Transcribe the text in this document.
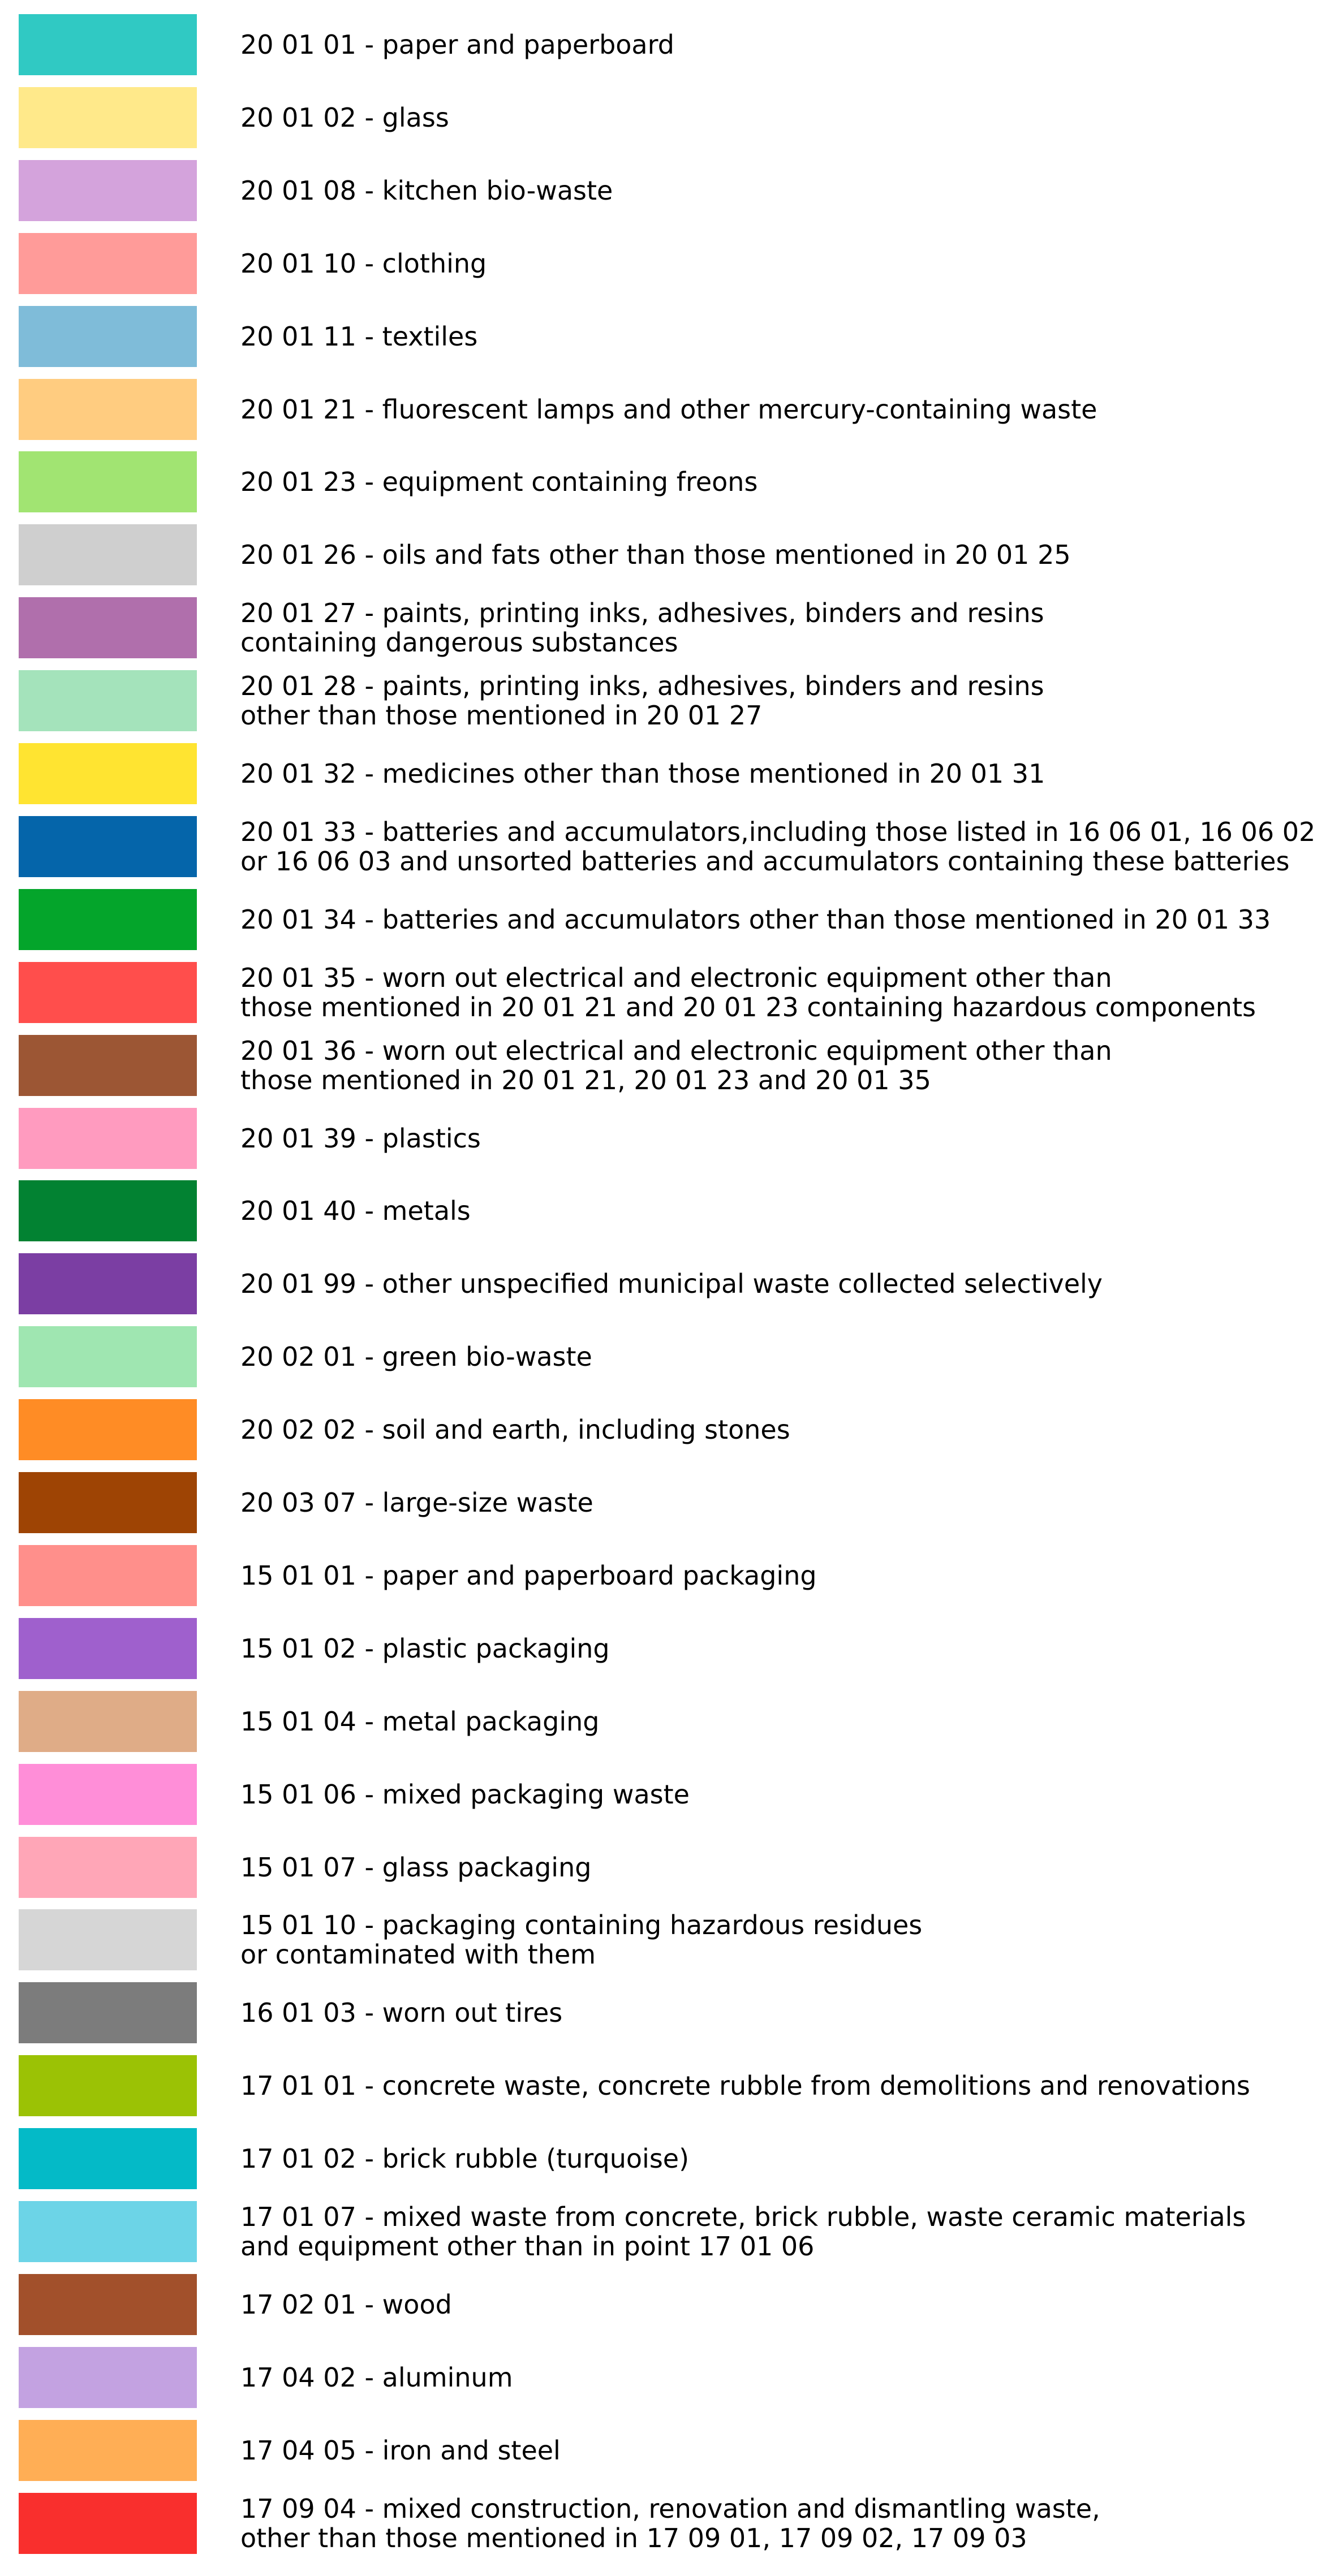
20 01 01 - paper and paperboard
20 01 02 - glass
20 01 08 - kitchen bio-waste
20 01 10 - clothing
20 01 11 - textiles
20 01 21 - fluorescent lamps and other mercury-containing waste
20 01 23 - equipment containing freons
20 01 26 - oils and fats other than those mentioned in 20 01 25
20 01 27 - paints, printing inks, adhesives, binders and resins
containing dangerous substances
20 01 28 - paints, printing inks, adhesives, binders and resins
other than those mentioned in 20 01 27
20 01 32 - medicines other than those mentioned in 20 01 31
20 01 33 - batteries and accumulators,including those listed in 16 06 01, 16 06 02
or 16 06 03 and unsorted batteries and accumulators containing these batteries
20 01 34 - batteries and accumulators other than those mentioned in 20 01 33
20 01 35 - worn out electrical and electronic equipment other than
those mentioned in 20 01 21 and 20 01 23 containing hazardous components
20 01 36 - worn out electrical and electronic equipment other than
those mentioned in 20 01 21, 20 01 23 and 20 01 35
20 01 39 - plastics
20 01 40 - metals
20 01 99 - other unspecified municipal waste collected selectively
20 02 01 - green bio-waste
20 02 02 - soil and earth, including stones
20 03 07 - large-size waste
15 01 01 - paper and paperboard packaging
15 01 02 - plastic packaging
15 01 04 - metal packaging
15 01 06 - mixed packaging waste
15 01 07 - glass packaging
15 01 10 - packaging containing hazardous residues
or contaminated with them
16 01 03 - worn out tires
17 01 01 - concrete waste, concrete rubble from demolitions and renovations
17 01 02 - brick rubble (turquoise)
17 01 07 - mixed waste from concrete, brick rubble, waste ceramic materials
and equipment other than in point 17 01 06
17 02 01 - wood
17 04 02 - aluminum
17 04 05 - iron and steel
17 09 04 - mixed construction, renovation and dismantling waste,
other than those mentioned in 17 09 01, 17 09 02, 17 09 03
